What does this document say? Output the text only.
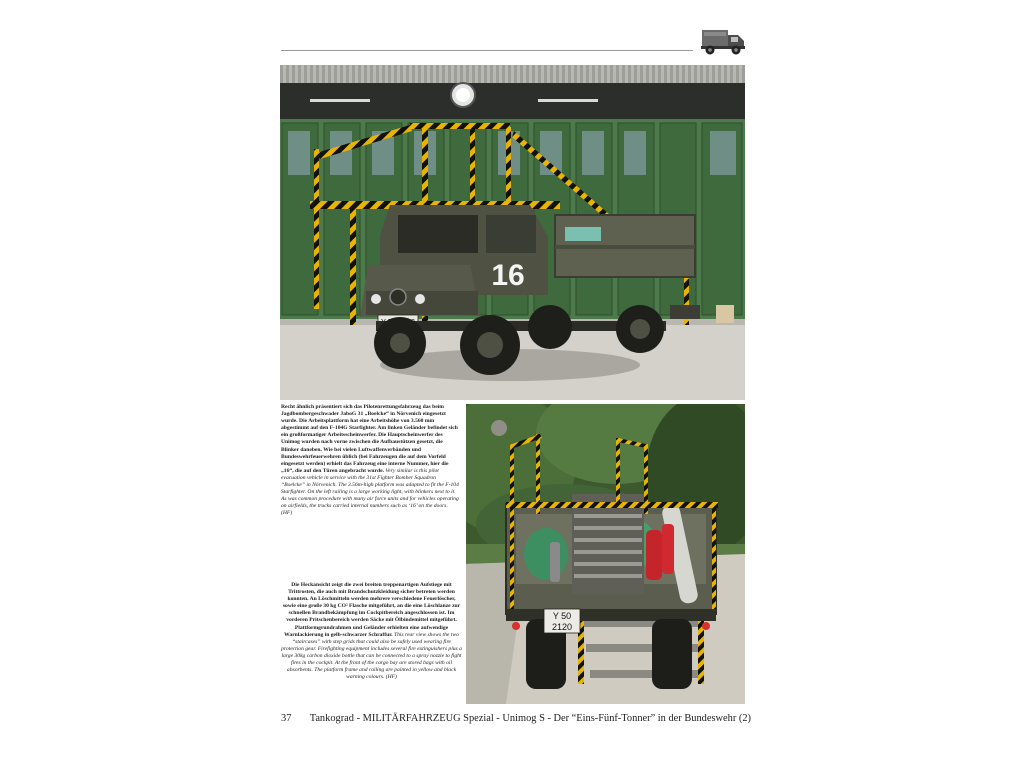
16

Recht ähnlich präsentiert sich das Pilotenrettungsfahrzeug das beim Jagdbombergeschwader JaboG 31 „Boelcke“ in Nörvenich eingesetzt wurde. Die Arbeitsplattform hat eine Arbeitshöhe von 3.560 mm abgestimmt auf den F-104G Starfighter. Am linken Geländer befindet sich ein großformatiger Arbeitsscheinwerfer. Die Hauptscheinwerfer des Unimog wurden nach vorne zwischen die Aufbaustützen gesetzt, die Blinker daneben. Wie bei vielen Luftwaffenverbänden und Bundeswehrfeuerwehren üblich (bei Fahrzeugen die auf dem Vorfeld eingesetzt werden) erhielt das Fahrzeug eine interne Nummer, hier die „16“, die auf den Türen angebracht wurde. Very similar is this pilot evacuation vehicle in service with the 31st Fighter Bomber Squadron “Boelcke” in Nörvenich. The 3.56m-high platform was adapted to fit the F-104 Starfighter. On the left railing is a large working light, with blinkers next to it. As was common procedure with many air force units and for vehicles operating on airfields, the trucks carried internal numbers such as ‘16’ on the doors. (HF)

Y 50
2120

Die Heckansicht zeigt die zwei breiten treppenartigen Aufstiege mit Trittrosten, die auch mit Brandschutzkleidung sicher betreten werden konnten. An Löschmitteln werden mehrere verschiedene Feuerlöscher, sowie eine große 30 kg CO² Flasche mitgeführt, an die eine Löschlanze zur schnellen Brandbekämpfung im Cockpitbereich angeschlossen ist. Im vorderen Pritschenbereich werden Säcke mit Ölbindemittel mitgeführt. Plattformgrundrahmen und Geländer erhielten eine aufwendige Warnlackierung in gelb-schwarzer Schraffur. This rear view shows the two “staircases” with step grids that could also be safely used wearing fire protection gear. Firefighting equipment includes several fire extinguishers plus a large 30kg carbon dioxide bottle that can be connected to a spray nozzle to fight fires in the cockpit. At the front of the cargo bay are stored bags with oil absorbents. The platform frame and railing are painted in yellow and black warning colours. (HF)

37 Tankograd - MILITÄRFAHRZEUG Spezial - Unimog S - Der “Eins-Fünf-Tonner” in der Bundeswehr (2)
